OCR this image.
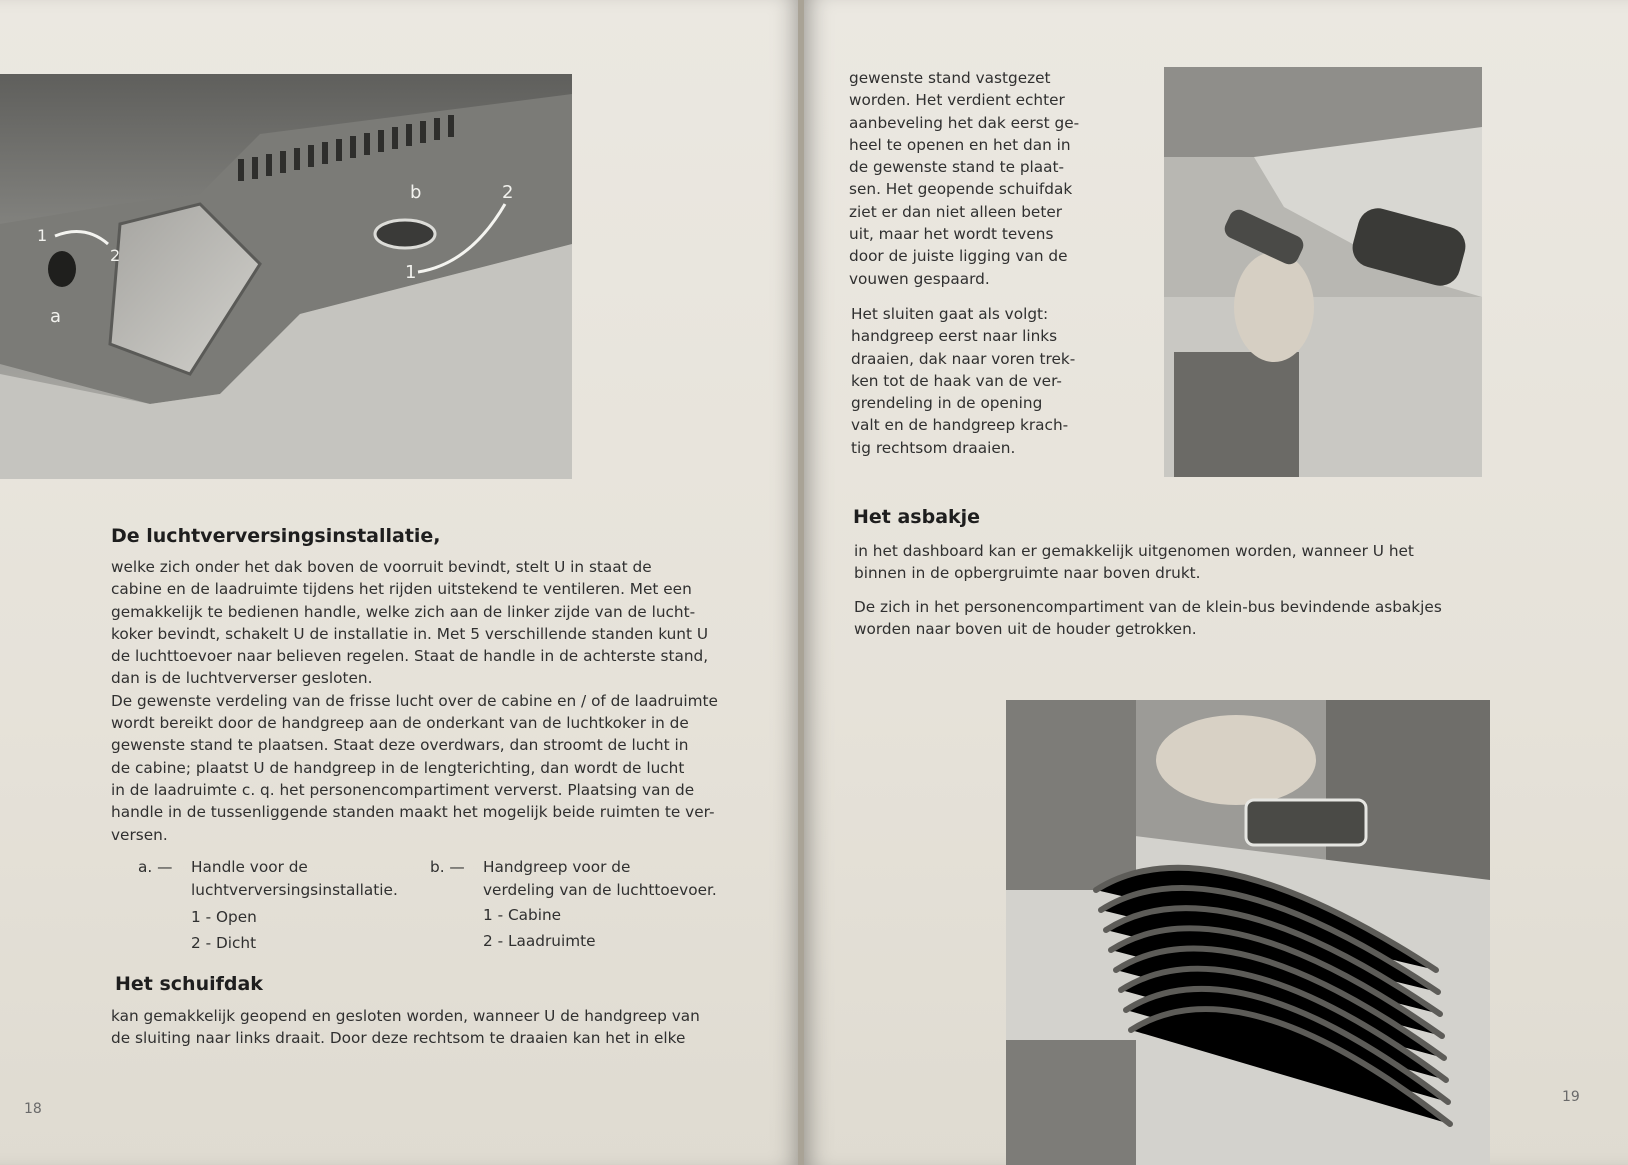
a
b
1
2
1
2
De luchtverversingsinstallatie,
welke zich onder het dak boven de voorruit bevindt, stelt U in staat de
cabine en de laadruimte tijdens het rijden uitstekend te ventileren. Met een
gemakkelijk te bedienen handle, welke zich aan de linker zijde van de lucht-
koker bevindt, schakelt U de installatie in. Met 5 verschillende standen kunt U
de luchttoevoer naar believen regelen. Staat de handle in de achterste stand,
dan is de luchtververser gesloten.
De gewenste verdeling van de frisse lucht over de cabine en / of de laadruimte
wordt bereikt door de handgreep aan de onderkant van de luchtkoker in de
gewenste stand te plaatsen. Staat deze overdwars, dan stroomt de lucht in
de cabine; plaatst U de handgreep in de lengterichting, dan wordt de lucht
in de laadruimte c. q. het personencompartiment ververst. Plaatsing van de
handle in de tussenliggende standen maakt het mogelijk beide ruimten te ver-
versen.
a. — Handle voor de
luchtverversingsinstallatie.
1 - Open
2 - Dicht
b. — Handgreep voor de
verdeling van de luchttoevoer.
1 - Cabine
2 - Laadruimte
Het schuifdak
kan gemakkelijk geopend en gesloten worden, wanneer U de handgreep van
de sluiting naar links draait. Door deze rechtsom te draaien kan het in elke
18
gewenste stand vastgezet
worden. Het verdient echter
aanbeveling het dak eerst ge-
heel te openen en het dan in
de gewenste stand te plaat-
sen. Het geopende schuifdak
ziet er dan niet alleen beter
uit, maar het wordt tevens
door de juiste ligging van de
vouwen gespaard.
Het sluiten gaat als volgt:
handgreep eerst naar links
draaien, dak naar voren trek-
ken tot de haak van de ver-
grendeling in de opening
valt en de handgreep krach-
tig rechtsom draaien.
Het asbakje
in het dashboard kan er gemakkelijk uitgenomen worden, wanneer U het
binnen in de opbergruimte naar boven drukt.
De zich in het personencompartiment van de klein-bus bevindende asbakjes
worden naar boven uit de houder getrokken.
19
